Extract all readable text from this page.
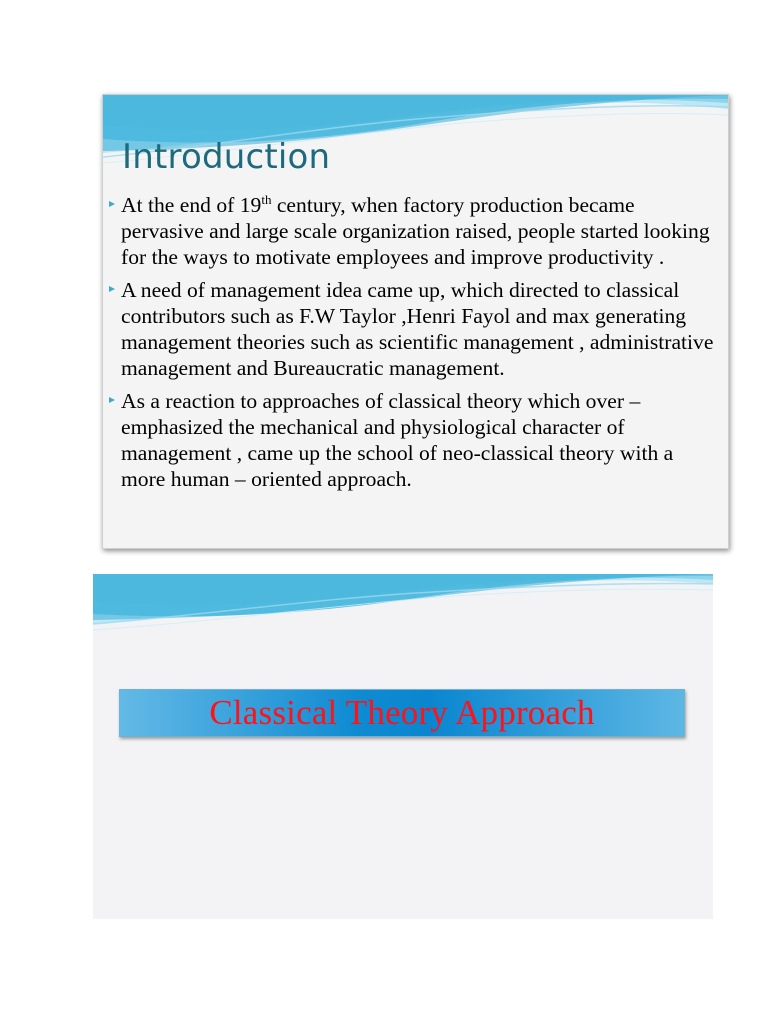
Introduction
At the end of 19th century, when factory production became pervasive and large scale organization raised, people started looking for the ways to motivate employees and improve productivity .
A need of management idea came up, which directed to classical contributors such as F.W Taylor ,Henri Fayol and max generating management theories such as scientific management , administrative management and Bureaucratic management.
As a reaction to approaches of classical theory which over – emphasized the mechanical and physiological character of management , came up the school of neo-classical theory with a more human – oriented approach.
Classical Theory Approach
